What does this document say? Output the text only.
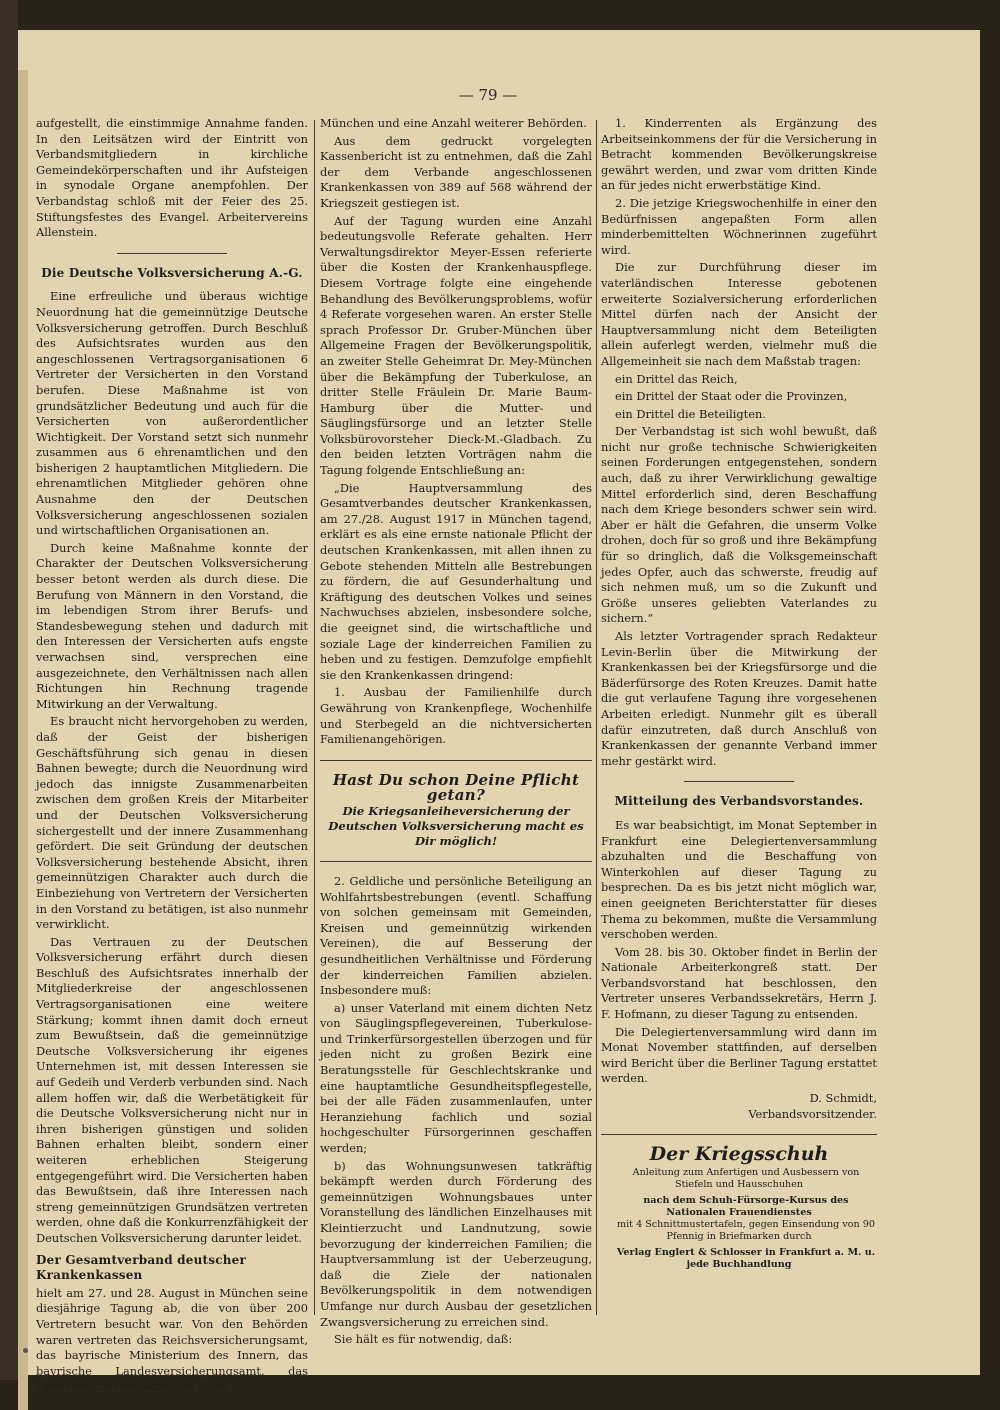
— 79 —

aufgestellt, die einstimmige Annahme fanden. In den Leitsätzen wird der Eintritt von Verbandsmitgliedern in kirchliche Gemeindekörperschaften und ihr Aufsteigen in synodale Organe anempfohlen. Der Verbandstag schloß mit der Feier des 25. Stiftungsfestes des Evangel. Arbeitervereins Allenstein.

Die Deutsche Volksversicherung A.-G.

Eine erfreuliche und überaus wichtige Neuordnung hat die gemeinnützige Deutsche Volksversicherung getroffen. Durch Beschluß des Aufsichtsrates wurden aus den angeschlossenen Vertragsorganisationen 6 Vertreter der Versicherten in den Vorstand berufen. Diese Maßnahme ist von grundsätzlicher Bedeutung und auch für die Versicherten von außerordentlicher Wichtigkeit. Der Vorstand setzt sich nunmehr zusammen aus 6 ehrenamtlichen und den bisherigen 2 hauptamtlichen Mitgliedern. Die ehrenamtlichen Mitglieder gehören ohne Ausnahme den der Deutschen Volksversicherung angeschlossenen sozialen und wirtschaftlichen Organisationen an.

Durch keine Maßnahme konnte der Charakter der Deutschen Volksversicherung besser betont werden als durch diese. Die Berufung von Männern in den Vorstand, die im lebendigen Strom ihrer Berufs- und Standesbewegung stehen und dadurch mit den Interessen der Versicherten aufs engste verwachsen sind, versprechen eine ausgezeichnete, den Verhältnissen nach allen Richtungen hin Rechnung tragende Mitwirkung an der Verwaltung.

Es braucht nicht hervorgehoben zu werden, daß der Geist der bisherigen Geschäftsführung sich genau in diesen Bahnen bewegte; durch die Neuordnung wird jedoch das innigste Zusammenarbeiten zwischen dem großen Kreis der Mitarbeiter und der Deutschen Volksversicherung sichergestellt und der innere Zusammenhang gefördert. Die seit Gründung der deutschen Volksversicherung bestehende Absicht, ihren gemeinnützigen Charakter auch durch die Einbeziehung von Vertretern der Versicherten in den Vorstand zu betätigen, ist also nunmehr verwirklicht.

Das Vertrauen zu der Deutschen Volksversicherung erfährt durch diesen Beschluß des Aufsichtsrates innerhalb der Mitgliederkreise der angeschlossenen Vertragsorganisationen eine weitere Stärkung; kommt ihnen damit doch erneut zum Bewußtsein, daß die gemeinnützige Deutsche Volksversicherung ihr eigenes Unternehmen ist, mit dessen Interessen sie auf Gedeih und Verderb verbunden sind. Nach allem hoffen wir, daß die Werbetätigkeit für die Deutsche Volksversicherung nicht nur in ihren bisherigen günstigen und soliden Bahnen erhalten bleibt, sondern einer weiteren erheblichen Steigerung entgegengeführt wird. Die Versicherten haben das Bewußtsein, daß ihre Interessen nach streng gemeinnützigen Grundsätzen vertreten werden, ohne daß die Konkurrenzfähigkeit der Deutschen Volksversicherung darunter leidet.

Der Gesamtverband deutscher Krankenkassen

hielt am 27. und 28. August in München seine diesjährige Tagung ab, die von über 200 Vertretern besucht war. Von den Behörden waren vertreten das Reichsversicherungsamt, das bayrische Ministerium des Innern, das bayrische Landesversicherungsamt, das Oberversicherungsamt, die Stadt

München und eine Anzahl weiterer Behörden.

Aus dem gedruckt vorgelegten Kassenbericht ist zu entnehmen, daß die Zahl der dem Verbande angeschlossenen Krankenkassen von 389 auf 568 während der Kriegszeit gestiegen ist.

Auf der Tagung wurden eine Anzahl bedeutungsvolle Referate gehalten. Herr Verwaltungsdirektor Meyer-Essen referierte über die Kosten der Krankenhauspflege. Diesem Vortrage folgte eine eingehende Behandlung des Bevölkerungsproblems, wofür 4 Referate vorgesehen waren. An erster Stelle sprach Professor Dr. Gruber-München über Allgemeine Fragen der Bevölkerungspolitik, an zweiter Stelle Geheimrat Dr. Mey-München über die Bekämpfung der Tuberkulose, an dritter Stelle Fräulein Dr. Marie Baum-Hamburg über die Mutter- und Säuglingsfürsorge und an letzter Stelle Volksbürovorsteher Dieck-M.-Gladbach. Zu den beiden letzten Vorträgen nahm die Tagung folgende Entschließung an:

„Die Hauptversammlung des Gesamtverbandes deutscher Krankenkassen, am 27./28. August 1917 in München tagend, erklärt es als eine ernste nationale Pflicht der deutschen Krankenkassen, mit allen ihnen zu Gebote stehenden Mitteln alle Bestrebungen zu fördern, die auf Gesunderhaltung und Kräftigung des deutschen Volkes und seines Nachwuchses abzielen, insbesondere solche, die geeignet sind, die wirtschaftliche und soziale Lage der kinderreichen Familien zu heben und zu festigen. Demzufolge empfiehlt sie den Krankenkassen dringend:

1. Ausbau der Familienhilfe durch Gewährung von Krankenpflege, Wochenhilfe und Sterbegeld an die nichtversicherten Familienangehörigen.

Hast Du schon Deine Pflicht getan?
Die Kriegsanleiheversicherung der Deutschen Volksversicherung macht es Dir möglich!

2. Geldliche und persönliche Beteiligung an Wohlfahrtsbestrebungen (eventl. Schaffung von solchen gemeinsam mit Gemeinden, Kreisen und gemeinnützig wirkenden Vereinen), die auf Besserung der gesundheitlichen Verhältnisse und Förderung der kinderreichen Familien abzielen. Insbesondere muß:

a) unser Vaterland mit einem dichten Netz von Säuglingspflegevereinen, Tuberkulose- und Trinkerfürsorgestellen überzogen und für jeden nicht zu großen Bezirk eine Beratungsstelle für Geschlechtskranke und eine hauptamtliche Gesundheitspflegestelle, bei der alle Fäden zusammenlaufen, unter Heranziehung fachlich und sozial hochgeschulter Fürsorgerinnen geschaffen werden;

b) das Wohnungsunwesen tatkräftig bekämpft werden durch Förderung des gemeinnützigen Wohnungsbaues unter Voranstellung des ländlichen Einzelhauses mit Kleintierzucht und Landnutzung, sowie bevorzugung der kinderreichen Familien; die Hauptversammlung ist der Ueberzeugung, daß die Ziele der nationalen Bevölkerungspolitik in dem notwendigen Umfange nur durch Ausbau der gesetzlichen Zwangsversicherung zu erreichen sind.

Sie hält es für notwendig, daß:

1. Kinderrenten als Ergänzung des Arbeitseinkommens der für die Versicherung in Betracht kommenden Bevölkerungskreise gewährt werden, und zwar vom dritten Kinde an für jedes nicht erwerbstätige Kind.

2. Die jetzige Kriegswochenhilfe in einer den Bedürfnissen angepaßten Form allen minderbemittelten Wöchnerinnen zugeführt wird.

Die zur Durchführung dieser im vaterländischen Interesse gebotenen erweiterte Sozialversicherung erforderlichen Mittel dürfen nach der Ansicht der Hauptversammlung nicht dem Beteiligten allein auferlegt werden, vielmehr muß die Allgemeinheit sie nach dem Maßstab tragen:

ein Drittel das Reich,

ein Drittel der Staat oder die Provinzen,

ein Drittel die Beteiligten.

Der Verbandstag ist sich wohl bewußt, daß nicht nur große technische Schwierigkeiten seinen Forderungen entgegenstehen, sondern auch, daß zu ihrer Verwirklichung gewaltige Mittel erforderlich sind, deren Beschaffung nach dem Kriege besonders schwer sein wird. Aber er hält die Gefahren, die unserm Volke drohen, doch für so groß und ihre Bekämpfung für so dringlich, daß die Volksgemeinschaft jedes Opfer, auch das schwerste, freudig auf sich nehmen muß, um so die Zukunft und Größe unseres geliebten Vaterlandes zu sichern.“

Als letzter Vortragender sprach Redakteur Levin-Berlin über die Mitwirkung der Krankenkassen bei der Kriegsfürsorge und die Bäderfürsorge des Roten Kreuzes. Damit hatte die gut verlaufene Tagung ihre vorgesehenen Arbeiten erledigt. Nunmehr gilt es überall dafür einzutreten, daß durch Anschluß von Krankenkassen der genannte Verband immer mehr gestärkt wird.

Mitteilung des Verbandsvorstandes.

Es war beabsichtigt, im Monat September in Frankfurt eine Delegiertenversammlung abzuhalten und die Beschaffung von Winterkohlen auf dieser Tagung zu besprechen. Da es bis jetzt nicht möglich war, einen geeigneten Berichterstatter für dieses Thema zu bekommen, mußte die Versammlung verschoben werden.

Vom 28. bis 30. Oktober findet in Berlin der Nationale Arbeiterkongreß statt. Der Verbandsvorstand hat beschlossen, den Vertreter unseres Verbandssekretärs, Herrn J. F. Hofmann, zu dieser Tagung zu entsenden.

Die Delegiertenversammlung wird dann im Monat November stattfinden, auf derselben wird Bericht über die Berliner Tagung erstattet werden.

D. Schmidt,
Verbandsvorsitzender.
Der Kriegsschuh

Anleitung zum Anfertigen und Ausbessern von Stiefeln und Hausschuhen

nach dem Schuh-Fürsorge-Kursus des Nationalen Frauendienstes

mit 4 Schnittmustertafeln, gegen Einsendung von 90 Pfennig in Briefmarken durch

Verlag Englert & Schlosser in Frankfurt a. M. u. jede Buchhandlung
